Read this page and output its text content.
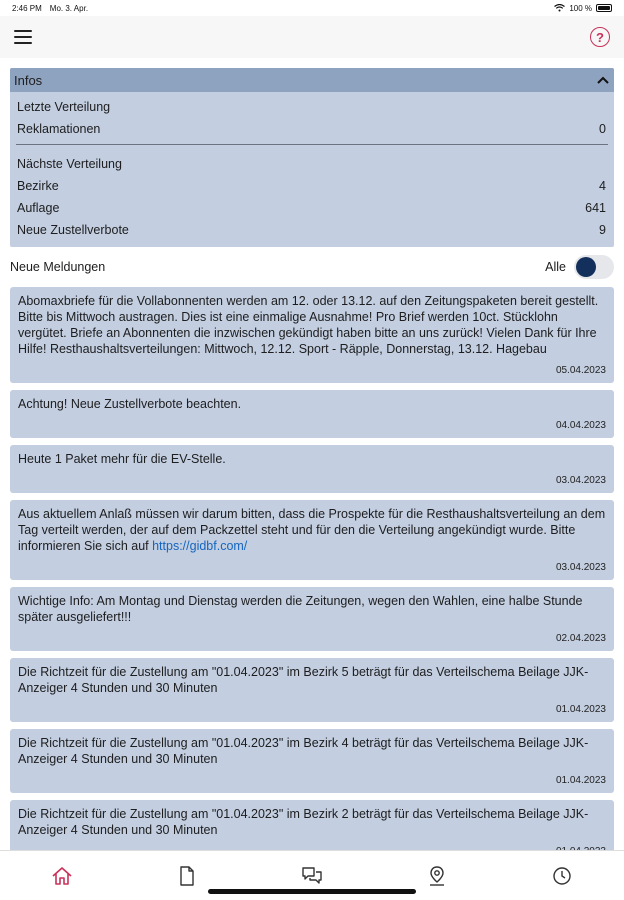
2:46 PM Mo. 3. Apr.	100 %
?
Infos
Letzte Verteilung
Reklamationen	0
Nächste Verteilung
Bezirke	4
Auflage	641
Neue Zustellverbote	9
Neue Meldungen	Alle
Abomaxbriefe für die Vollabonnenten werden am 12. oder 13.12. auf den Zeitungspaketen bereit gestellt. Bitte bis Mittwoch austragen. Dies ist eine einmalige Ausnahme! Pro Brief werden 10ct. Stücklohn vergütet. Briefe an Abonnenten die inzwischen gekündigt haben bitte an uns zurück! Vielen Dank für Ihre Hilfe! Resthaushaltsverteilungen: Mittwoch, 12.12. Sport - Räpple, Donnerstag, 13.12. Hagebau
05.04.2023
Achtung! Neue Zustellverbote beachten.
04.04.2023
Heute 1 Paket mehr für die EV-Stelle.
03.04.2023
Aus aktuellem Anlaß müssen wir darum bitten, dass die Prospekte für die Resthaushaltsverteilung an dem Tag verteilt werden, der auf dem Packzettel steht und für den die Verteilung angekündigt wurde. Bitte informieren Sie sich auf https://gidbf.com/
03.04.2023
Wichtige Info: Am Montag und Dienstag werden die Zeitungen, wegen den Wahlen, eine halbe Stunde später ausgeliefert!!!
02.04.2023
Die Richtzeit für die Zustellung am "01.04.2023" im Bezirk 5 beträgt für das Verteilschema Beilage JJK-Anzeiger 4 Stunden und 30 Minuten
01.04.2023
Die Richtzeit für die Zustellung am "01.04.2023" im Bezirk 4 beträgt für das Verteilschema Beilage JJK-Anzeiger 4 Stunden und 30 Minuten
01.04.2023
Die Richtzeit für die Zustellung am "01.04.2023" im Bezirk 2 beträgt für das Verteilschema Beilage JJK-Anzeiger 4 Stunden und 30 Minuten
